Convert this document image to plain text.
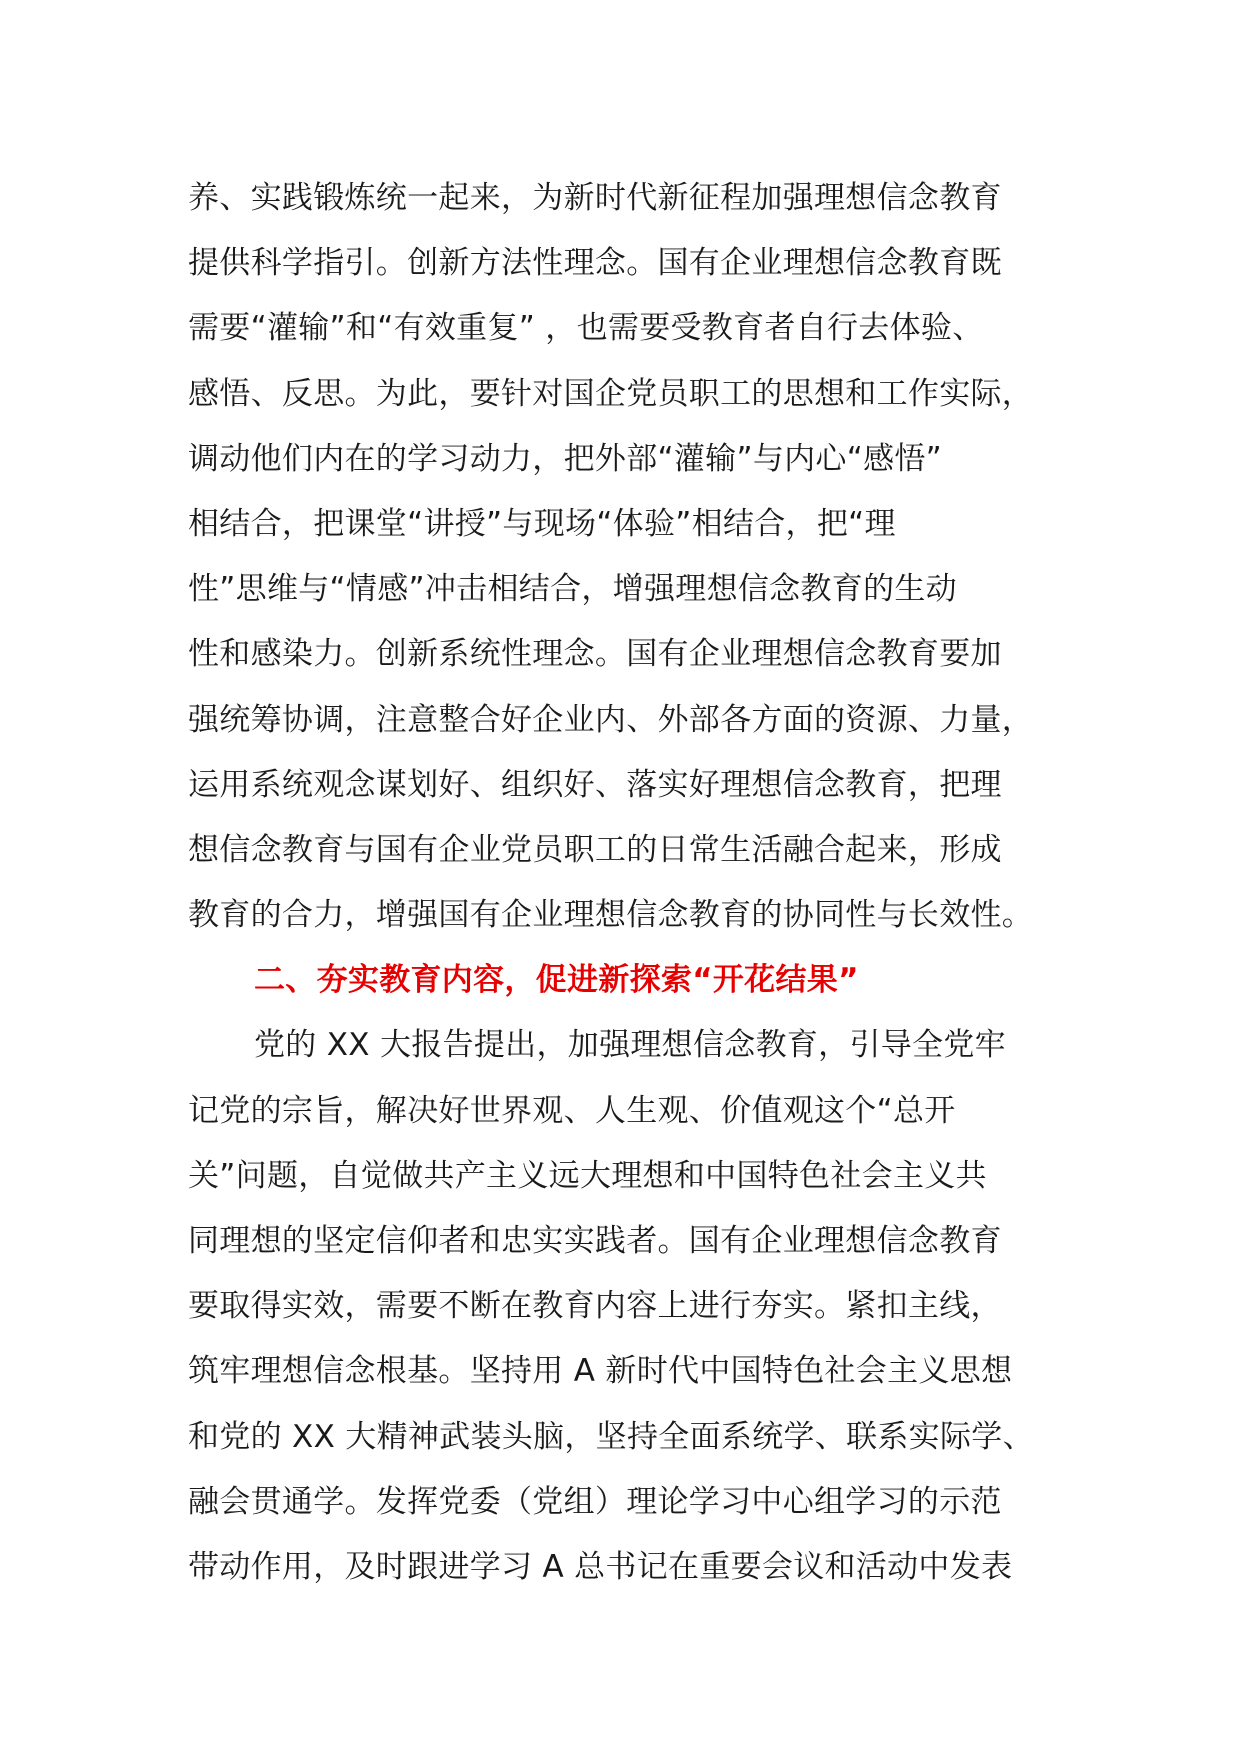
养、实践锻炼统一起来，为新时代新征程加强理想信念教育
提供科学指引。创新方法性理念。国有企业理想信念教育既
需要“灌输”和“有效重复” ，也需要受教育者自行去体验、
感悟、反思。为此，要针对国企党员职工的思想和工作实际，
调动他们内在的学习动力，把外部“灌输”与内心“感悟”
相结合，把课堂“讲授”与现场“体验”相结合，把“理
性”思维与“情感”冲击相结合，增强理想信念教育的生动
性和感染力。创新系统性理念。国有企业理想信念教育要加
强统筹协调，注意整合好企业内、外部各方面的资源、力量，
运用系统观念谋划好、组织好、落实好理想信念教育，把理
想信念教育与国有企业党员职工的日常生活融合起来，形成
教育的合力，增强国有企业理想信念教育的协同性与长效性。
二、夯实教育内容，促进新探索“开花结果”
党的 XX 大报告提出，加强理想信念教育，引导全党牢
记党的宗旨，解决好世界观、人生观、价值观这个“总开
关”问题，自觉做共产主义远大理想和中国特色社会主义共
同理想的坚定信仰者和忠实实践者。国有企业理想信念教育
要取得实效，需要不断在教育内容上进行夯实。紧扣主线，
筑牢理想信念根基。坚持用 A 新时代中国特色社会主义思想
和党的 XX 大精神武装头脑，坚持全面系统学、联系实际学、
融会贯通学。发挥党委（党组）理论学习中心组学习的示范
带动作用，及时跟进学习 A 总书记在重要会议和活动中发表
